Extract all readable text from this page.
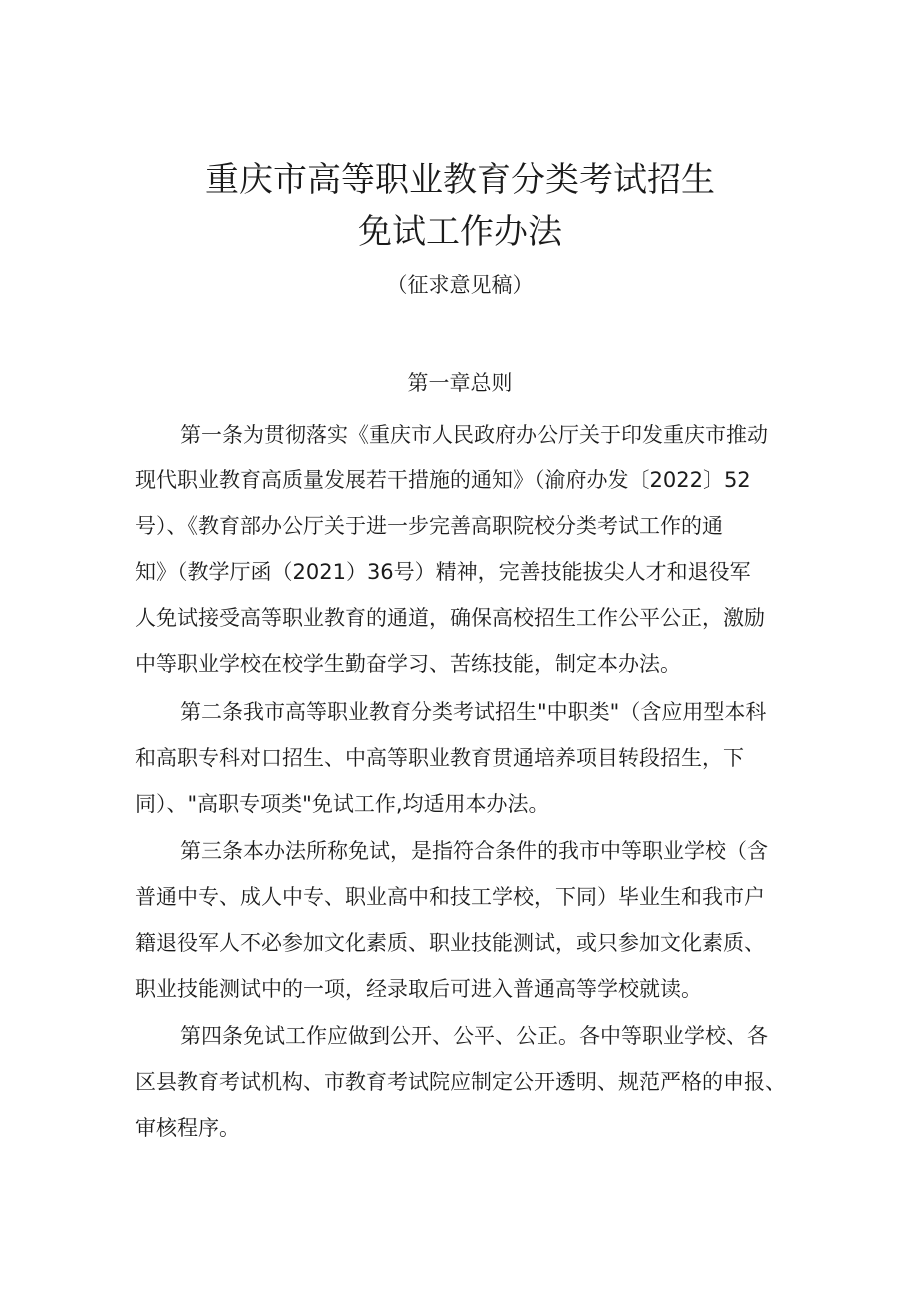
重庆市高等职业教育分类考试招生
免试工作办法
（征求意见稿）
第一章总则
第一条为贯彻落实《重庆市人民政府办公厅关于印发重庆市推动
现代职业教育高质量发展若干措施的通知》（渝府办发〔2022〕52
号）、《教育部办公厅关于进一步完善高职院校分类考试工作的通
知》（教学厅函（2021）36号）精神，完善技能拔尖人才和退役军
人免试接受高等职业教育的通道，确保高校招生工作公平公正，激励
中等职业学校在校学生勤奋学习、苦练技能，制定本办法。
第二条我市高等职业教育分类考试招生"中职类"（含应用型本科
和高职专科对口招生、中高等职业教育贯通培养项目转段招生，下
同）、"高职专项类"免试工作,均适用本办法。
第三条本办法所称免试，是指符合条件的我市中等职业学校（含
普通中专、成人中专、职业高中和技工学校，下同）毕业生和我市户
籍退役军人不必参加文化素质、职业技能测试，或只参加文化素质、
职业技能测试中的一项，经录取后可进入普通高等学校就读。
第四条免试工作应做到公开、公平、公正。各中等职业学校、各
区县教育考试机构、市教育考试院应制定公开透明、规范严格的申报、
审核程序。
